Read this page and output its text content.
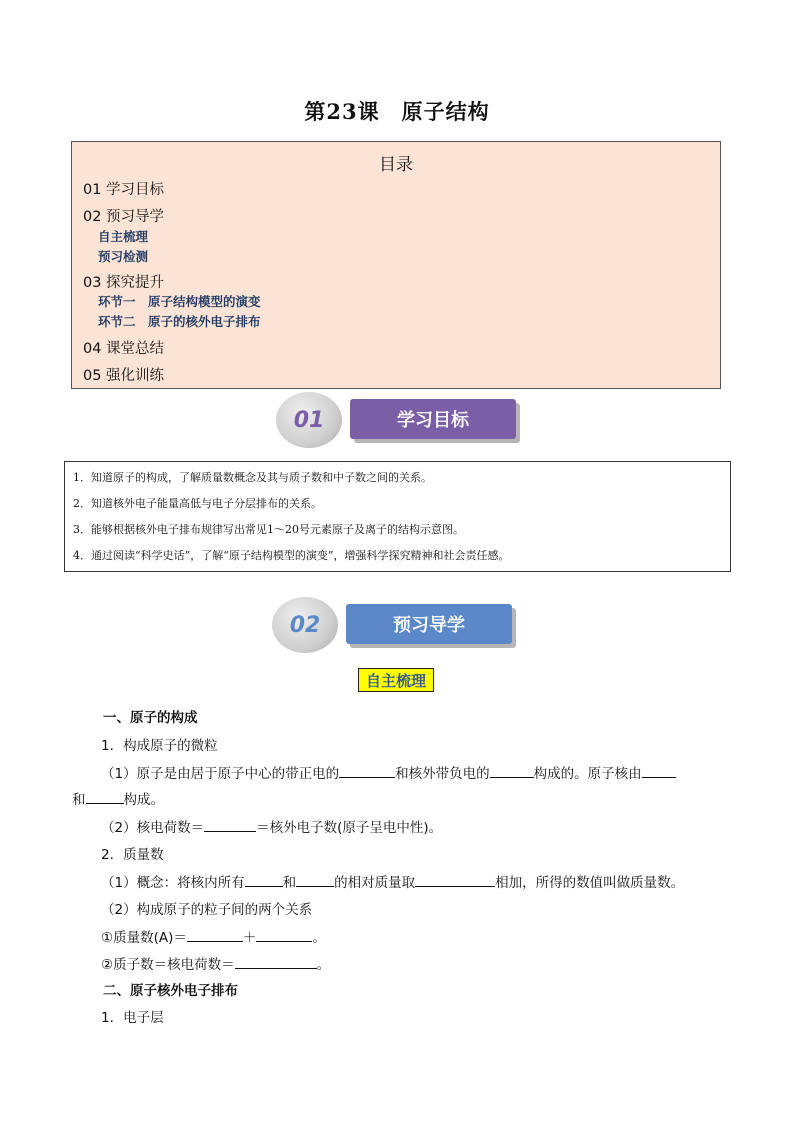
第23课　原子结构
目录
01 学习目标
02 预习导学
自主梳理
预习检测
03 探究提升
环节一　原子结构模型的演变
环节二　原子的核外电子排布
04 课堂总结
05 强化训练
01	学习目标
1．知道原子的构成，了解质量数概念及其与质子数和中子数之间的关系。
2．知道核外电子能量高低与电子分层排布的关系。
3．能够根据核外电子排布规律写出常见1～20号元素原子及离子的结构示意图。
4．通过阅读“科学史话”，了解“原子结构模型的演变”，增强科学探究精神和社会责任感。
02	预习导学
自主梳理
一、原子的构成
1．构成原子的微粒
（1）原子是由居于原子中心的带正电的	和核外带负电的	构成的。原子核由
和	构成。
（2）核电荷数＝	＝核外电子数(原子呈电中性)。
2．质量数
（1）概念：将核内所有	和	的相对质量取	相加，所得的数值叫做质量数。
（2）构成原子的粒子间的两个关系
①质量数(A)＝	＋	。
②质子数＝核电荷数＝	。
二、原子核外电子排布
1．电子层
